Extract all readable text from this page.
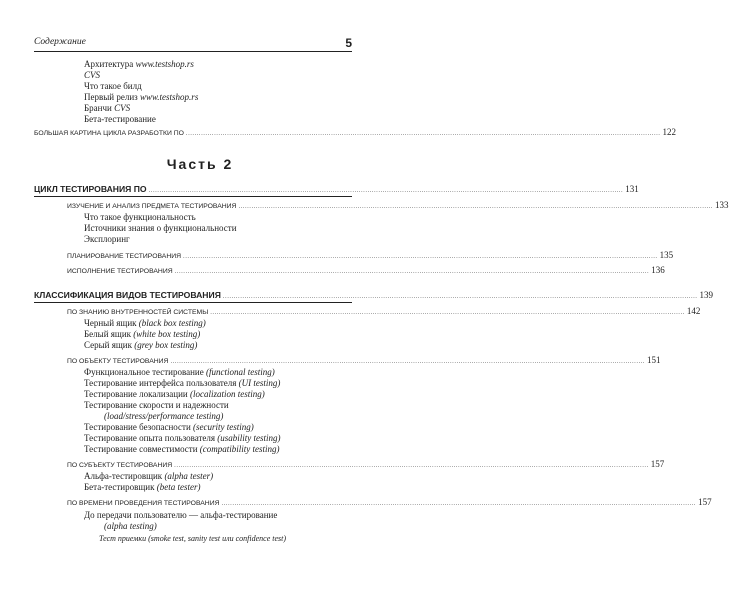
Содержание	5
Архитектура www.testshop.rs
CVS
Что такое билд
Первый релиз www.testshop.rs
Бранчи CVS
Бета-тестирование
БОЛЬШАЯ КАРТИНА ЦИКЛА РАЗРАБОТКИ ПО ........................................................................................................................................................................................................................... 122
Часть 2
ЦИКЛ ТЕСТИРОВАНИЯ ПО ........................................................................................................................................................................................................................... 131
ИЗУЧЕНИЕ И АНАЛИЗ ПРЕДМЕТА ТЕСТИРОВАНИЯ ........................................................................................................................................................................................................................... 133
Что такое функциональность
Источники знания о функциональности
Эксплоринг
ПЛАНИРОВАНИЕ ТЕСТИРОВАНИЯ ........................................................................................................................................................................................................................... 135
ИСПОЛНЕНИЕ ТЕСТИРОВАНИЯ ........................................................................................................................................................................................................................... 136
КЛАССИФИКАЦИЯ ВИДОВ ТЕСТИРОВАНИЯ ........................................................................................................................................................................................................................... 139
ПО ЗНАНИЮ ВНУТРЕННОСТЕЙ СИСТЕМЫ ........................................................................................................................................................................................................................... 142
Черный ящик (black box testing)
Белый ящик (white box testing)
Серый ящик (grey box testing)
ПО ОБЪЕКТУ ТЕСТИРОВАНИЯ ........................................................................................................................................................................................................................... 151
Функциональное тестирование (functional testing)
Тестирование интерфейса пользователя (UI testing)
Тестирование локализации (localization testing)
Тестирование скорости и надежности
(load/stress/performance testing)
Тестирование безопасности (security testing)
Тестирование опыта пользователя (usability testing)
Тестирование совместимости (compatibility testing)
ПО СУБЪЕКТУ ТЕСТИРОВАНИЯ ........................................................................................................................................................................................................................... 157
Альфа-тестировщик (alpha tester)
Бета-тестировщик (beta tester)
ПО ВРЕМЕНИ ПРОВЕДЕНИЯ ТЕСТИРОВАНИЯ ........................................................................................................................................................................................................................... 157
До передачи пользователю — альфа-тестирование
(alpha testing)
Тест приемки (smoke test, sanity test или confidence test)
